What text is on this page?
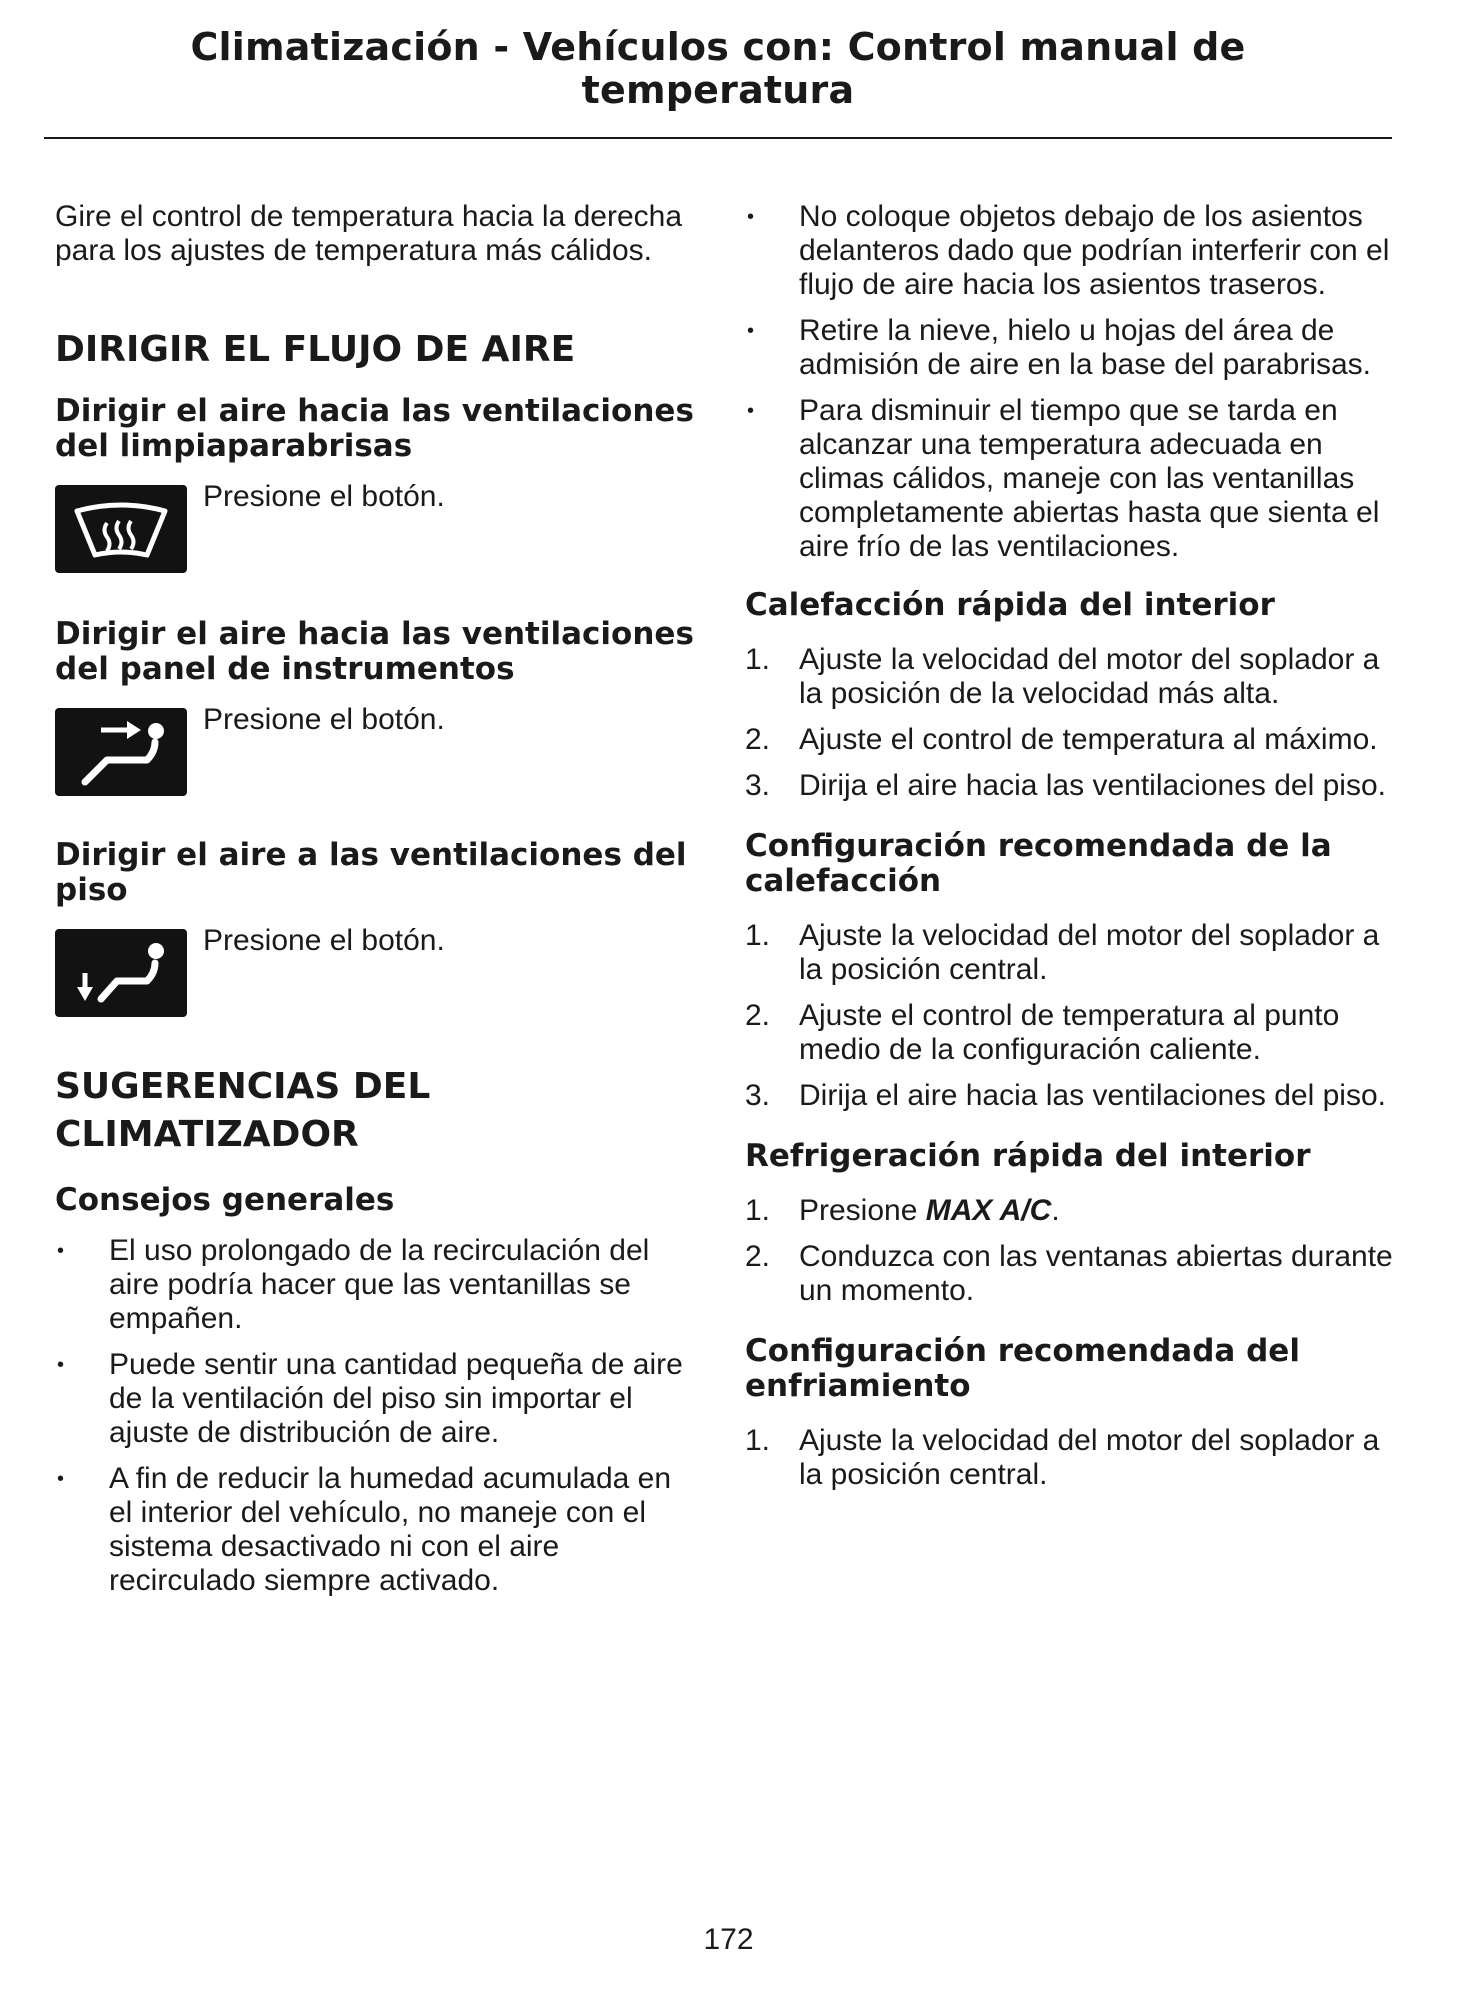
Climatización - Vehículos con: Control manual de
temperatura

Gire el control de temperatura hacia la derecha para los ajustes de temperatura más cálidos.

DIRIGIR EL FLUJO DE AIRE
Dirigir el aire hacia las ventilaciones del limpiaparabrisas

Presione el botón.

Dirigir el aire hacia las ventilaciones del panel de instrumentos

Presione el botón.

Dirigir el aire a las ventilaciones del piso

Presione el botón.

SUGERENCIAS DEL
CLIMATIZADOR
Consejos generales
• El uso prolongado de la recirculación del aire podría hacer que las ventanillas se empañen.
• Puede sentir una cantidad pequeña de aire de la ventilación del piso sin importar el ajuste de distribución de aire.
• A fin de reducir la humedad acumulada en el interior del vehículo, no maneje con el sistema desactivado ni con el aire recirculado siempre activado.
• No coloque objetos debajo de los asientos delanteros dado que podrían interferir con el flujo de aire hacia los asientos traseros.
• Retire la nieve, hielo u hojas del área de admisión de aire en la base del parabrisas.
• Para disminuir el tiempo que se tarda en alcanzar una temperatura adecuada en climas cálidos, maneje con las ventanillas completamente abiertas hasta que sienta el aire frío de las ventilaciones.
Calefacción rápida del interior
1. Ajuste la velocidad del motor del soplador a la posición de la velocidad más alta.
2. Ajuste el control de temperatura al máximo.
3. Dirija el aire hacia las ventilaciones del piso.
Configuración recomendada de la calefacción
1. Ajuste la velocidad del motor del soplador a la posición central.
2. Ajuste el control de temperatura al punto medio de la configuración caliente.
3. Dirija el aire hacia las ventilaciones del piso.
Refrigeración rápida del interior
1. Presione MAX A/C.
2. Conduzca con las ventanas abiertas durante un momento.
Configuración recomendada del enfriamiento
1. Ajuste la velocidad del motor del soplador a la posición central.
172
